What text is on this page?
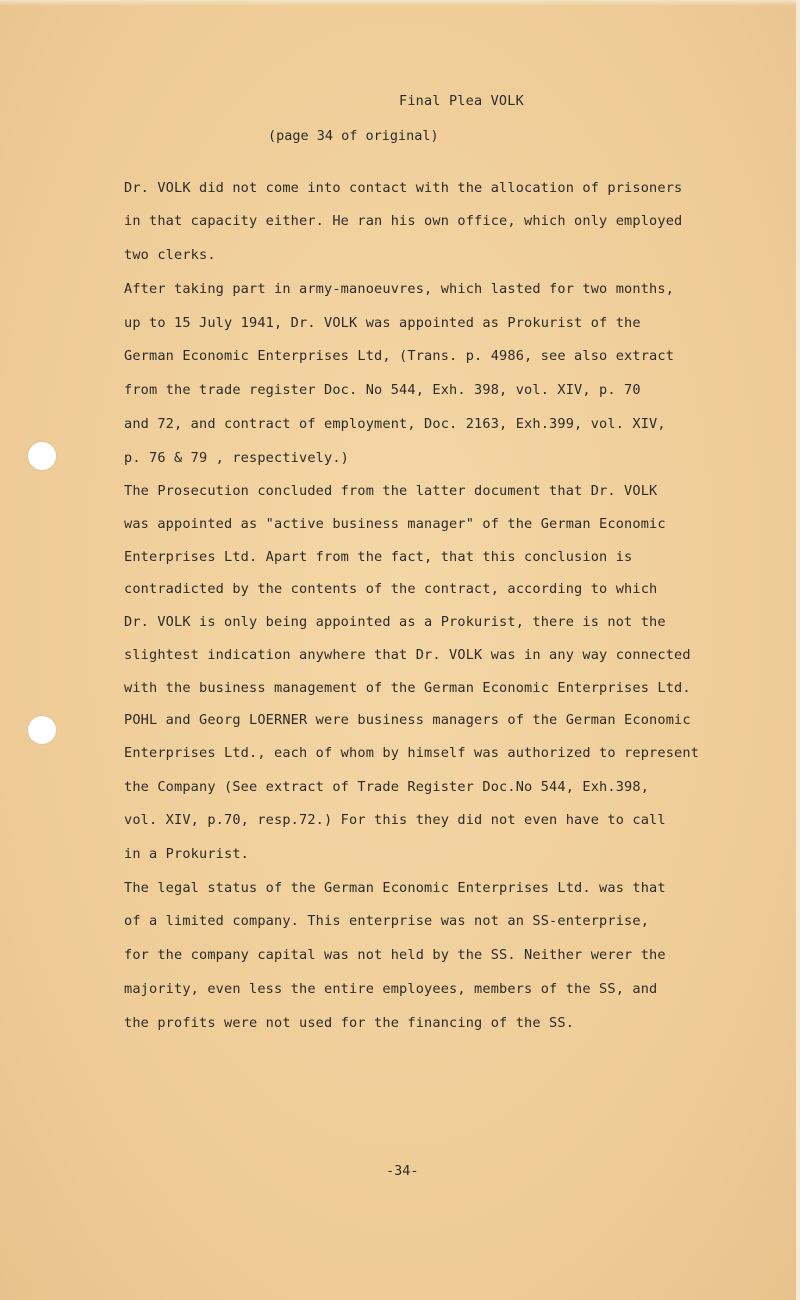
Final Plea VOLK
(page 34 of original)
Dr. VOLK did not come into contact with the allocation of prisoners
in that capacity either. He ran his own office, which only employed
two clerks.
After taking part in army-manoeuvres, which lasted for two months,
up to 15 July 1941, Dr. VOLK was appointed as Prokurist of the
German Economic Enterprises Ltd, (Trans. p. 4986, see also extract
from the trade register Doc. No 544, Exh. 398, vol. XIV, p. 70
and 72, and contract of employment, Doc. 2163, Exh.399, vol. XIV,
p. 76 & 79 , respectively.)
The Prosecution concluded from the latter document that Dr. VOLK
was appointed as "active business manager" of the German Economic
Enterprises Ltd. Apart from the fact, that this conclusion is
contradicted by the contents of the contract, according to which
Dr. VOLK is only being appointed as a Prokurist, there is not the
slightest indication anywhere that Dr. VOLK was in any way connected
with the business management of the German Economic Enterprises Ltd.
POHL and Georg LOERNER were business managers of the German Economic
Enterprises Ltd., each of whom by himself was authorized to represent
the Company (See extract of Trade Register Doc.No 544, Exh.398,
vol. XIV, p.70, resp.72.) For this they did not even have to call
in a Prokurist.
The legal status of the German Economic Enterprises Ltd. was that
of a limited company. This enterprise was not an SS-enterprise,
for the company capital was not held by the SS. Neither werer the
majority, even less the entire employees, members of the SS, and
the profits were not used for the financing of the SS.
-34-
